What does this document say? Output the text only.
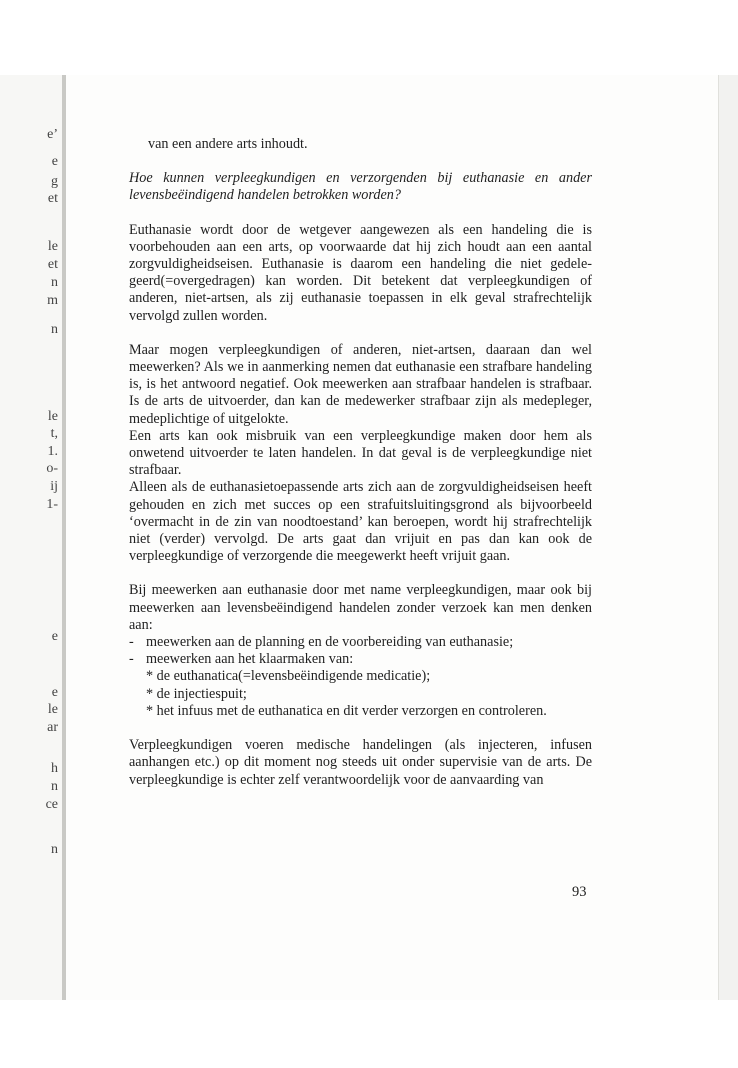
e’
e
g
et
le
et
n
m
n
le
t,
1.
o-
ij
1-
e
e
le
ar
h
n
ce
n

van een andere arts inhoudt.

Hoe kunnen verpleegkundigen en verzorgenden bij euthanasie en ander levensbeëindigend handelen betrokken worden?

Euthanasie wordt door de wetgever aangewezen als een handeling die is voorbehouden aan een arts, op voorwaarde dat hij zich houdt aan een aantal zorgvuldigheidseisen. Euthanasie is daarom een handeling die niet gedele-geerd(=overgedragen) kan worden. Dit betekent dat verpleegkundigen of anderen, niet-artsen, als zij euthanasie toepassen in elk geval strafrechtelijk vervolgd zullen worden.

Maar mogen verpleegkundigen of anderen, niet-artsen, daaraan dan wel meewerken? Als we in aanmerking nemen dat euthanasie een strafbare handeling is, is het antwoord negatief. Ook meewerken aan strafbaar handelen is strafbaar. Is de arts de uitvoerder, dan kan de medewerker strafbaar zijn als medepleger, medeplichtige of uitgelokte.

Een arts kan ook misbruik van een verpleegkundige maken door hem als onwetend uitvoerder te laten handelen. In dat geval is de verpleegkundige niet strafbaar.

Alleen als de euthanasietoepassende arts zich aan de zorgvuldigheidseisen heeft gehouden en zich met succes op een strafuitsluitingsgrond als bijvoorbeeld ‘overmacht in de zin van noodtoestand’ kan beroepen, wordt hij strafrechtelijk niet (verder) vervolgd. De arts gaat dan vrijuit en pas dan kan ook de verpleegkundige of verzorgende die meegewerkt heeft vrijuit gaan.

Bij meewerken aan euthanasie door met name verpleegkundigen, maar ook bij meewerken aan levensbeëindigend handelen zonder verzoek kan men denken aan:

- meewerken aan de planning en de voorbereiding van euthanasie;
- meewerken aan het klaarmaken van:
* de euthanatica(=levensbeëindigende medicatie);
* de injectiespuit;
* het infuus met de euthanatica en dit verder verzorgen en controleren.

Verpleegkundigen voeren medische handelingen (als injecteren, infusen aanhangen etc.) op dit moment nog steeds uit onder supervisie van de arts. De verpleegkundige is echter zelf verantwoordelijk voor de aanvaarding van

93
